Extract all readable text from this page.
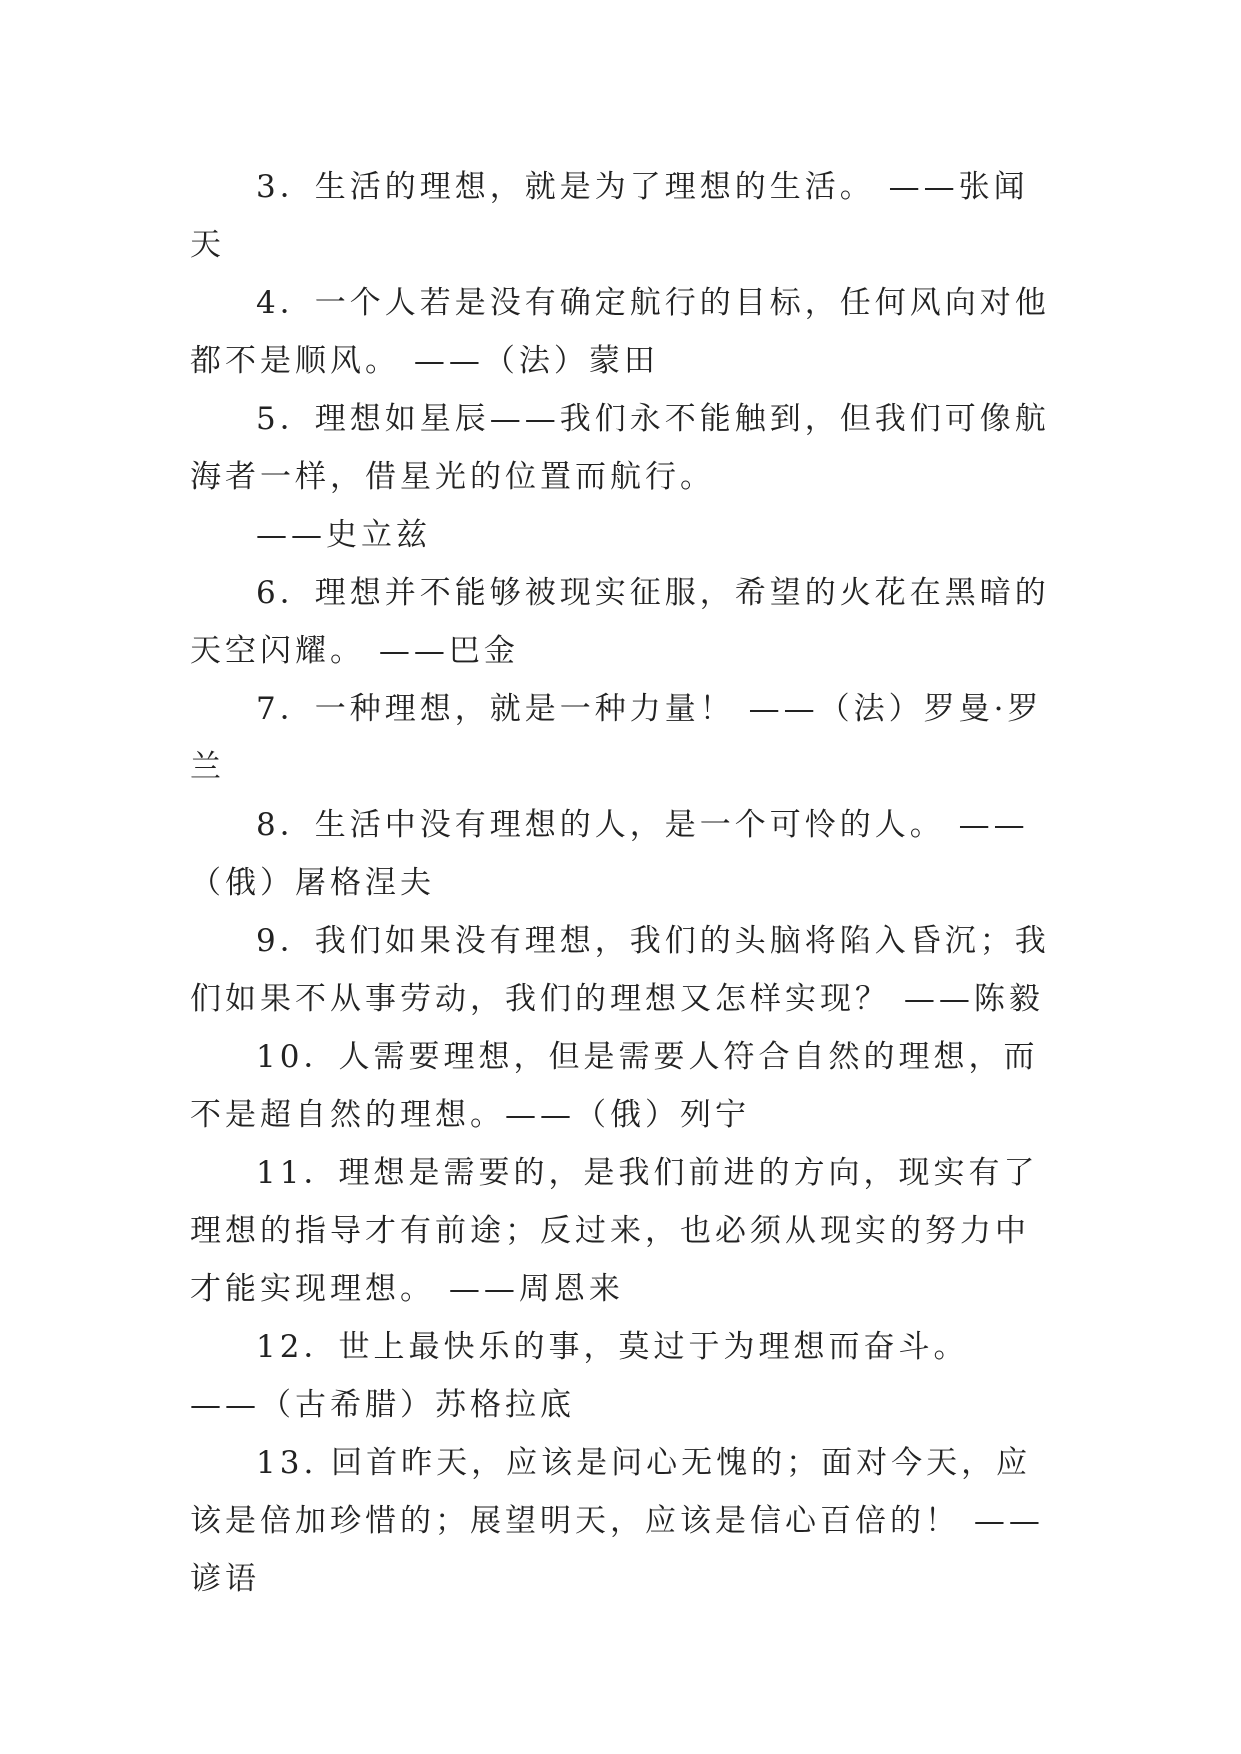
3．生活的理想，就是为了理想的生活。 ——张闻天

4．一个人若是没有确定航行的目标，任何风向对他都不是顺风。 ——（法）蒙田

5．理想如星辰——我们永不能触到，但我们可像航海者一样，借星光的位置而航行。

——史立兹

6．理想并不能够被现实征服，希望的火花在黑暗的天空闪耀。 ——巴金

7．一种理想，就是一种力量！ ——（法）罗曼·罗兰

8．生活中没有理想的人，是一个可怜的人。 ——（俄）屠格涅夫

9．我们如果没有理想，我们的头脑将陷入昏沉；我们如果不从事劳动，我们的理想又怎样实现？ ——陈毅

10．人需要理想，但是需要人符合自然的理想，而不是超自然的理想。——（俄）列宁

11．理想是需要的，是我们前进的方向，现实有了理想的指导才有前途；反过来，也必须从现实的努力中才能实现理想。 ——周恩来

12．世上最快乐的事，莫过于为理想而奋斗。 ——（古希腊）苏格拉底

13. 回首昨天，应该是问心无愧的；面对今天，应该是倍加珍惜的；展望明天，应该是信心百倍的！ ——谚语
